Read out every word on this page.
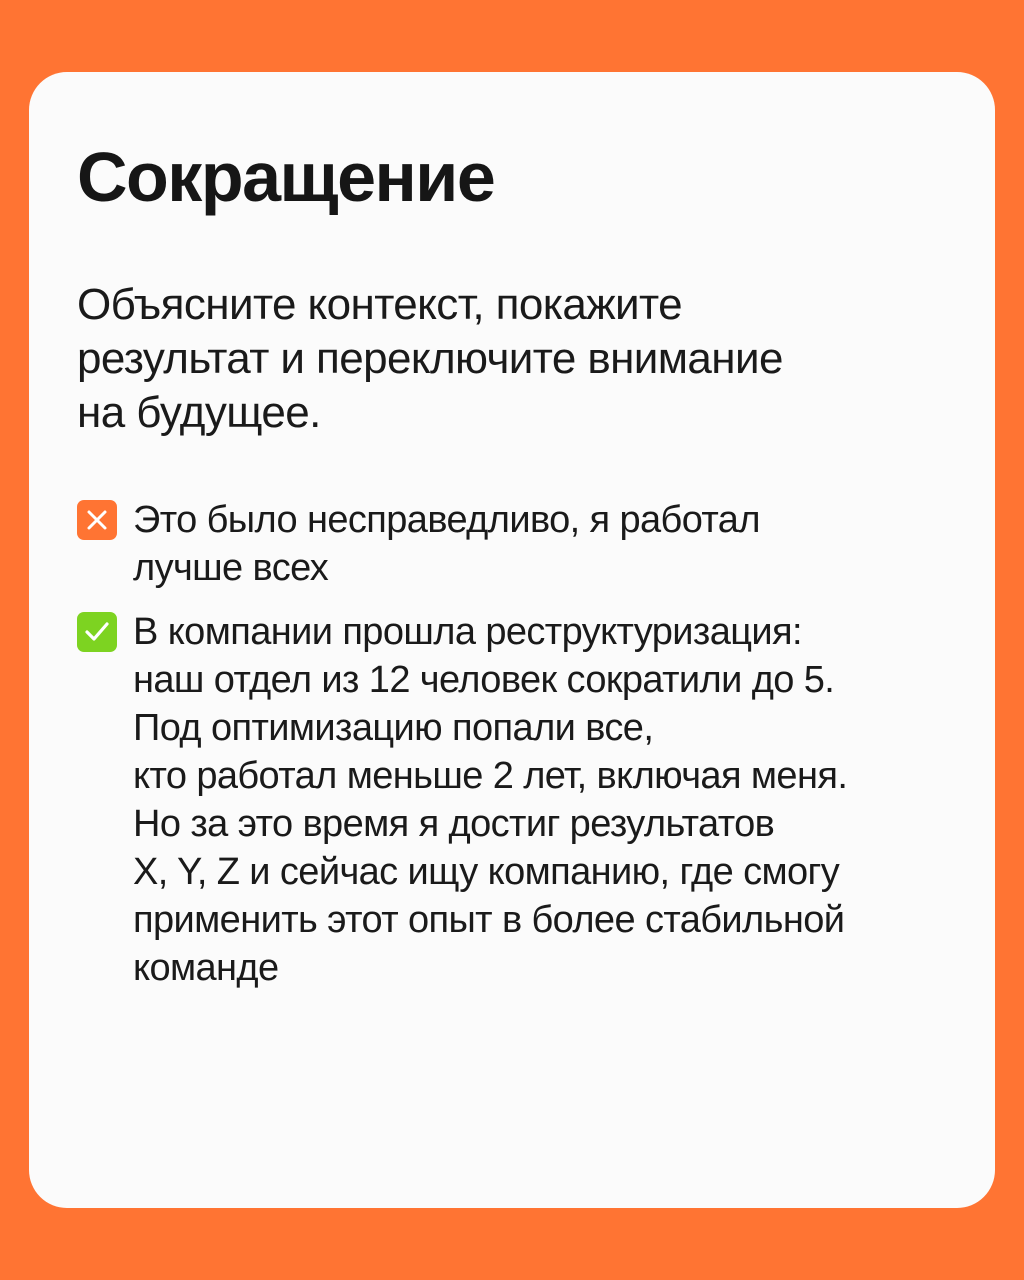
Сокращение

Объясните контекст, покажите
результат и переключите внимание
на будущее.

Это было несправедливо, я работал
лучше всех
В компании прошла реструктуризация:
наш отдел из 12 человек сократили до 5.
Под оптимизацию попали все,
кто работал меньше 2 лет, включая меня.
Но за это время я достиг результатов
X, Y, Z и сейчас ищу компанию, где смогу
применить этот опыт в более стабильной
команде
